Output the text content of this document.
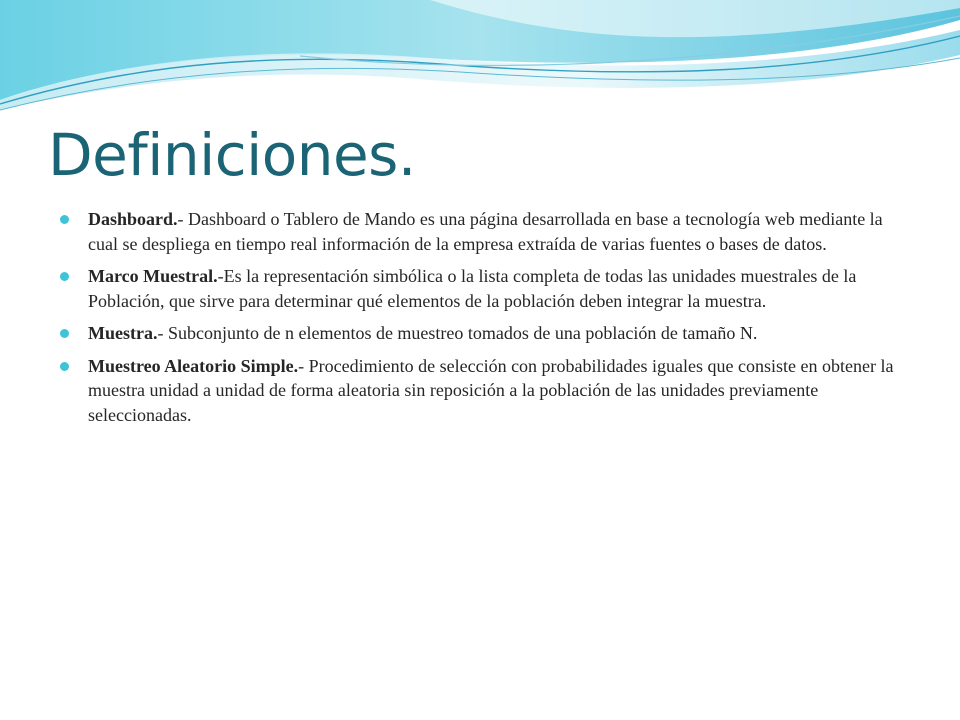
Definiciones.
Dashboard.- Dashboard o Tablero de Mando es una página desarrollada en base a tecnología web mediante la cual se despliega en tiempo real información de la empresa extraída de varias fuentes o bases de datos.
Marco Muestral.-Es la representación simbólica o la lista completa de todas las unidades muestrales de la Población, que sirve para determinar qué elementos de la población deben integrar la muestra.
Muestra.- Subconjunto de n elementos de muestreo tomados de una población de tamaño N.
Muestreo Aleatorio Simple.- Procedimiento de selección con probabilidades iguales que consiste en obtener la muestra unidad a unidad de forma aleatoria sin reposición a la población de las unidades previamente seleccionadas.
